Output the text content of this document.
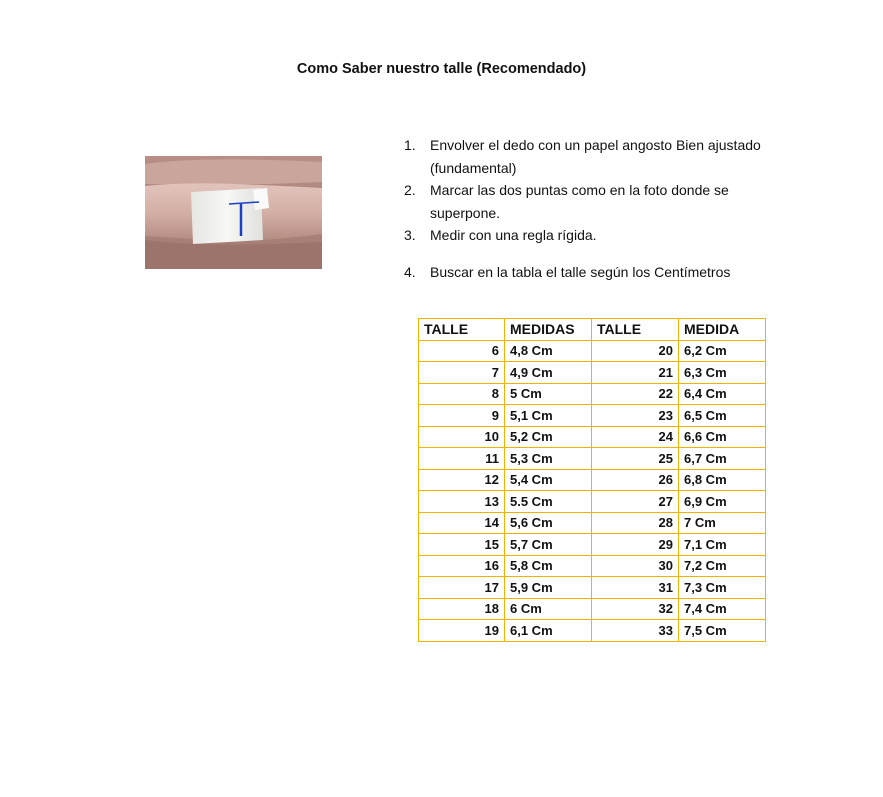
Como Saber nuestro talle (Recomendado)
1. Envolver el dedo con un papel angosto Bien ajustado (fundamental)
2. Marcar las dos puntas como en la foto donde se superpone.
3. Medir con una regla rígida.
4. Buscar en la tabla el talle según los Centímetros
TALLE	MEDIDAS	TALLE	MEDIDA
6	4,8 Cm	20	6,2 Cm
7	4,9 Cm	21	6,3 Cm
8	5 Cm	22	6,4 Cm
9	5,1 Cm	23	6,5 Cm
10	5,2 Cm	24	6,6 Cm
11	5,3 Cm	25	6,7 Cm
12	5,4 Cm	26	6,8 Cm
13	5.5 Cm	27	6,9 Cm
14	5,6 Cm	28	7 Cm
15	5,7 Cm	29	7,1 Cm
16	5,8 Cm	30	7,2 Cm
17	5,9 Cm	31	7,3 Cm
18	6 Cm	32	7,4 Cm
19	6,1 Cm	33	7,5 Cm
